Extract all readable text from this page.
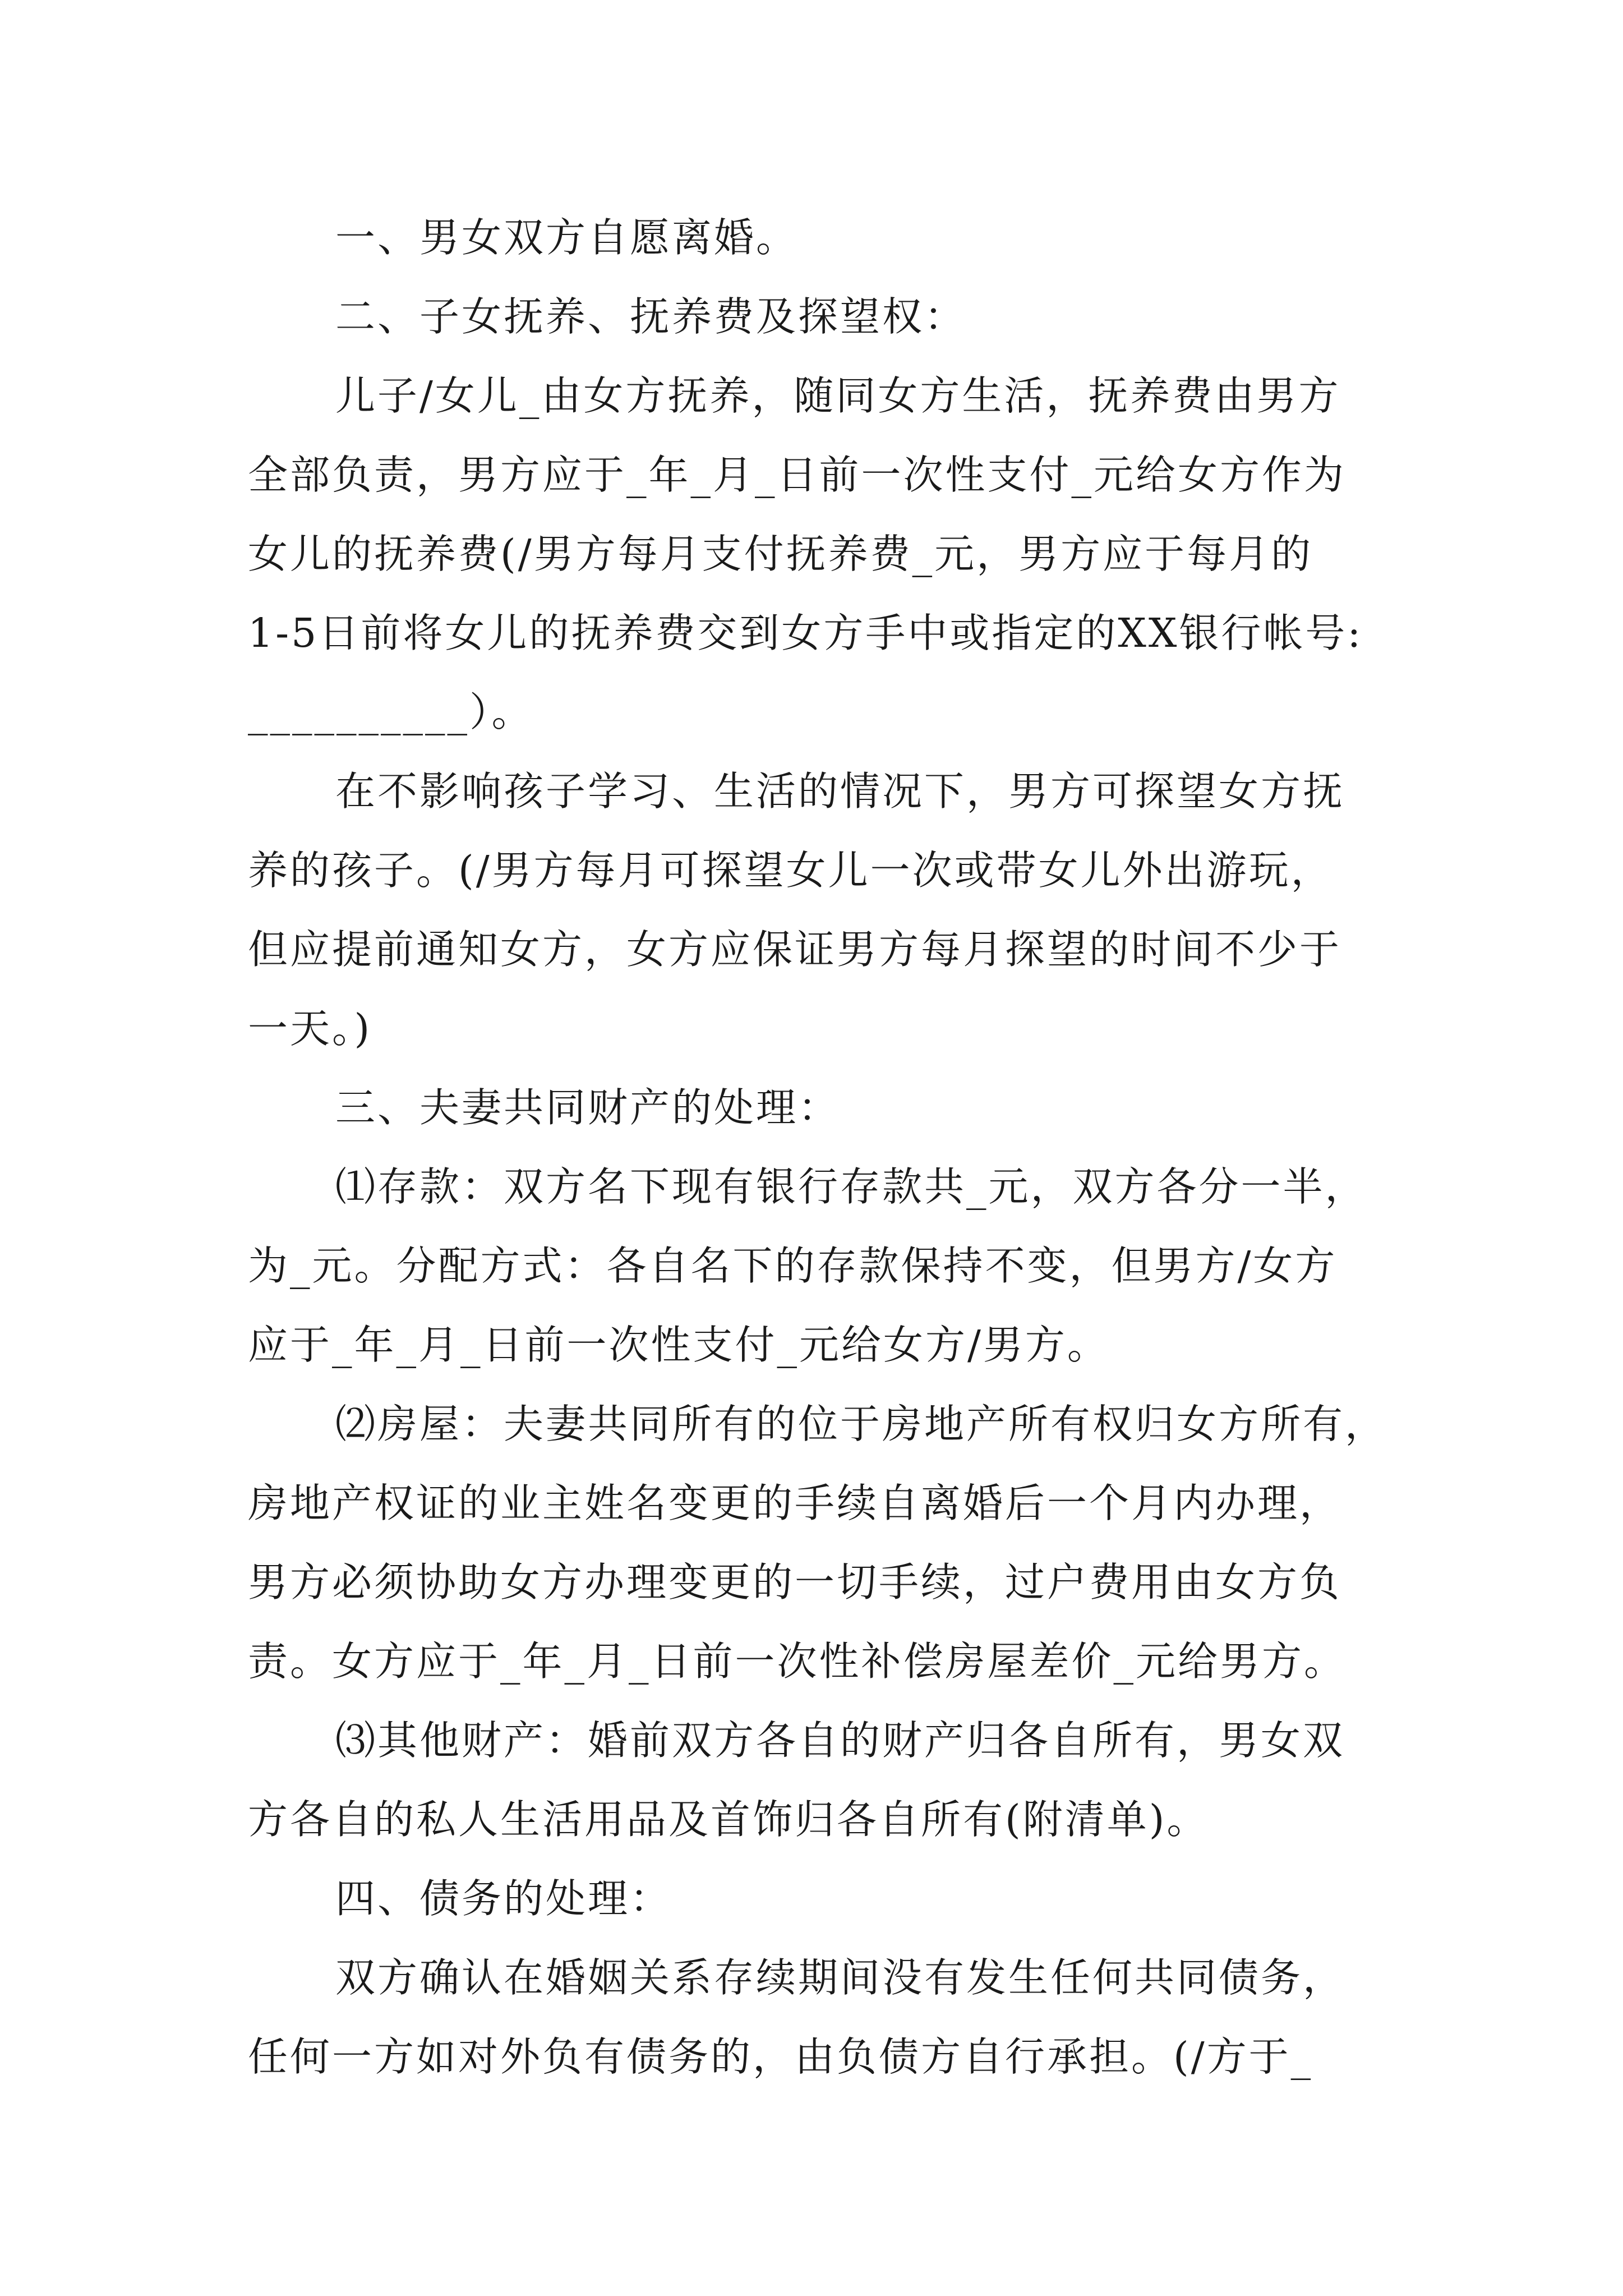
一、男女双方自愿离婚。
二、子女抚养、抚养费及探望权：
儿子/女儿_由女方抚养，随同女方生活，抚养费由男方
全部负责，男方应于_年_月_日前一次性支付_元给女方作为
女儿的抚养费(/男方每月支付抚养费_元，男方应于每月的
1-5日前将女儿的抚养费交到女方手中或指定的XX银行帐号:
__________）。
在不影响孩子学习、生活的情况下，男方可探望女方抚
养的孩子。(/男方每月可探望女儿一次或带女儿外出游玩，
但应提前通知女方，女方应保证男方每月探望的时间不少于
一天。)
三、夫妻共同财产的处理：
⑴存款：双方名下现有银行存款共_元，双方各分一半，
为_元。分配方式：各自名下的存款保持不变，但男方/女方
应于_年_月_日前一次性支付_元给女方/男方。
⑵房屋：夫妻共同所有的位于房地产所有权归女方所有，
房地产权证的业主姓名变更的手续自离婚后一个月内办理，
男方必须协助女方办理变更的一切手续，过户费用由女方负
责。女方应于_年_月_日前一次性补偿房屋差价_元给男方。
⑶其他财产：婚前双方各自的财产归各自所有，男女双
方各自的私人生活用品及首饰归各自所有(附清单)。
四、债务的处理：
双方确认在婚姻关系存续期间没有发生任何共同债务，
任何一方如对外负有债务的，由负债方自行承担。(/方于_
